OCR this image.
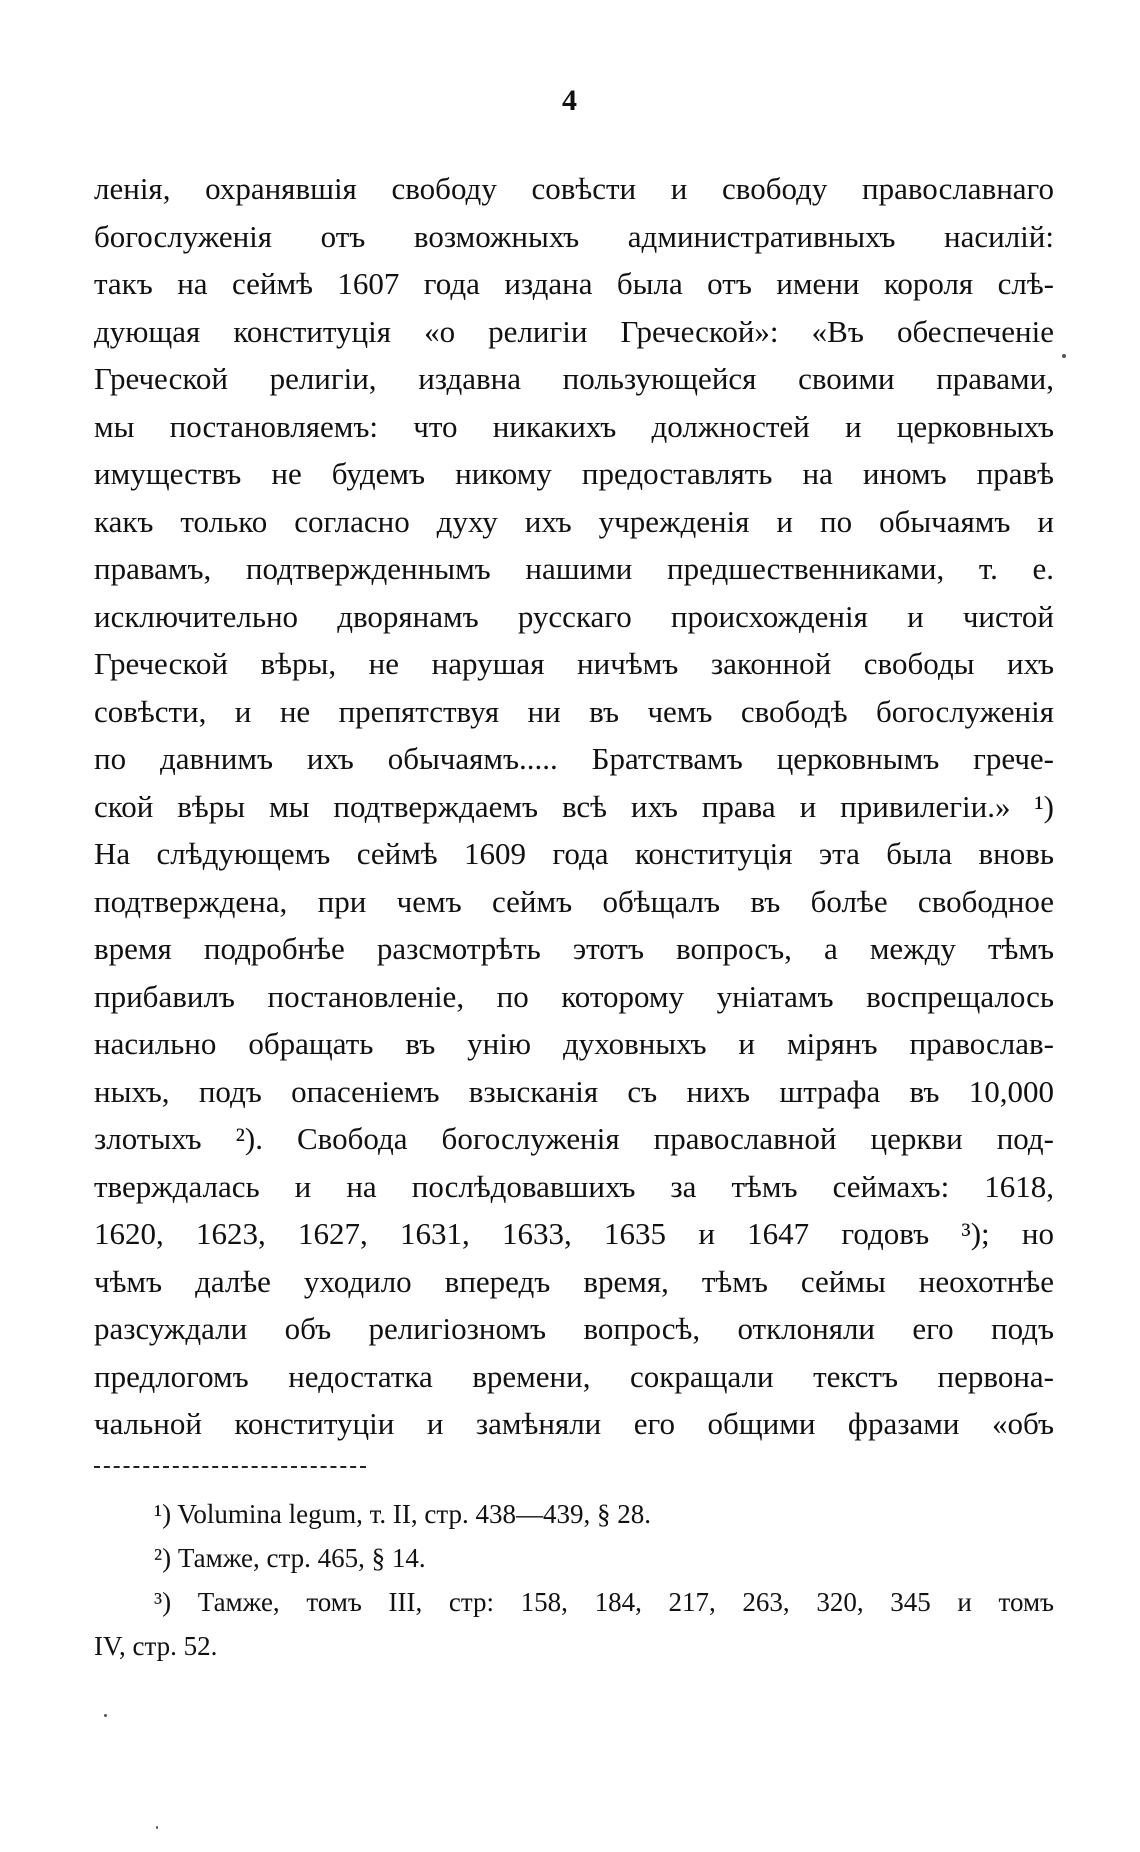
4
ленія, охранявшія свободу совѣсти и свободу православнаго
богослуженія отъ возможныхъ административныхъ насилій:
такъ на сеймѣ 1607 года издана была отъ имени короля слѣ-
дующая конституція «о религіи Греческой»: «Въ обеспеченіе
Греческой религіи, издавна пользующейся своими правами,
мы постановляемъ: что никакихъ должностей и церковныхъ
имуществъ не будемъ никому предоставлять на иномъ правѣ
какъ только согласно духу ихъ учрежденія и по обычаямъ и
правамъ, подтвержденнымъ нашими предшественниками, т. е.
исключительно дворянамъ русскаго происхожденія и чистой
Греческой вѣры, не нарушая ничѣмъ законной свободы ихъ
совѣсти, и не препятствуя ни въ чемъ свободѣ богослуженія
по давнимъ ихъ обычаямъ..... Братствамъ церковнымъ грече-
ской вѣры мы подтверждаемъ всѣ ихъ права и привилегіи.» ¹)
На слѣдующемъ сеймѣ 1609 года конституція эта была вновь
подтверждена, при чемъ сеймъ обѣщалъ въ болѣе свободное
время подробнѣе разсмотрѣть этотъ вопросъ, а между тѣмъ
прибавилъ постановленіе, по которому уніатамъ воспрещалось
насильно обращать въ унію духовныхъ и мірянъ православ-
ныхъ, подъ опасеніемъ взысканія съ нихъ штрафа въ 10,000
злотыхъ ²). Свобода богослуженія православной церкви под-
тверждалась и на послѣдовавшихъ за тѣмъ сеймахъ: 1618,
1620, 1623, 1627, 1631, 1633, 1635 и 1647 годовъ ³); но
чѣмъ далѣе уходило впередъ время, тѣмъ сеймы неохотнѣе
разсуждали объ религіозномъ вопросѣ, отклоняли его подъ
предлогомъ недостатка времени, сокращали текстъ первона-
чальной конституціи и замѣняли его общими фразами «объ
¹) Volumina legum, т. II, стр. 438—439, § 28.
²) Тамже, стр. 465, § 14.
³) Тамже, томъ III, стр: 158, 184, 217, 263, 320, 345 и томъ
IV, стр. 52.
